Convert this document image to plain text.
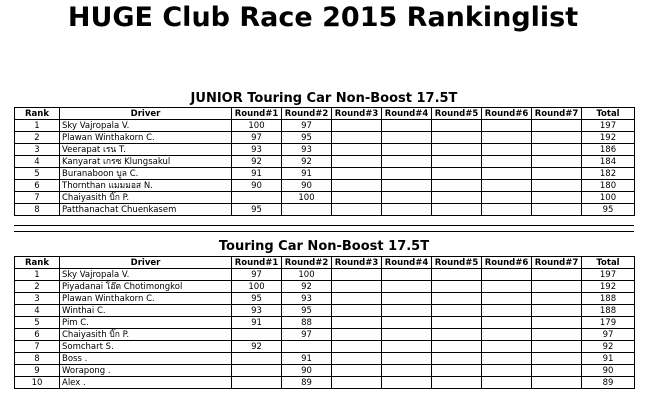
HUGE Club Race 2015 Rankinglist
JUNIOR Touring Car Non-Boost 17.5T
Rank	Driver	Round#1	Round#2	Round#3	Round#4	Round#5	Round#6	Round#7	Total
1	Sky Vajropala V.	100	97						197
2	Plawan Winthakorn C.	97	95						192
3	Veerapat เรน T.	93	93						186
4	Kanyarat เกรซ Klungsakul	92	92						184
5	Buranaboon บูล C.	91	91						182
6	Thornthan แมมมอส N.	90	90						180
7	Chaiyasith บิ๊ก P.		100						100
8	Patthanachat Chuenkasem	95							95
Touring Car Non-Boost 17.5T
Rank	Driver	Round#1	Round#2	Round#3	Round#4	Round#5	Round#6	Round#7	Total
1	Sky Vajropala V.	97	100						197
2	Piyadanai โอ๊ต Chotimongkol	100	92						192
3	Plawan Winthakorn C.	95	93						188
4	Winthai C.	93	95						188
5	Pim C.	91	88						179
6	Chaiyasith บิ๊ก P.		97						97
7	Somchart S.	92							92
8	Boss .		91						91
9	Worapong .		90						90
10	Alex .		89						89
